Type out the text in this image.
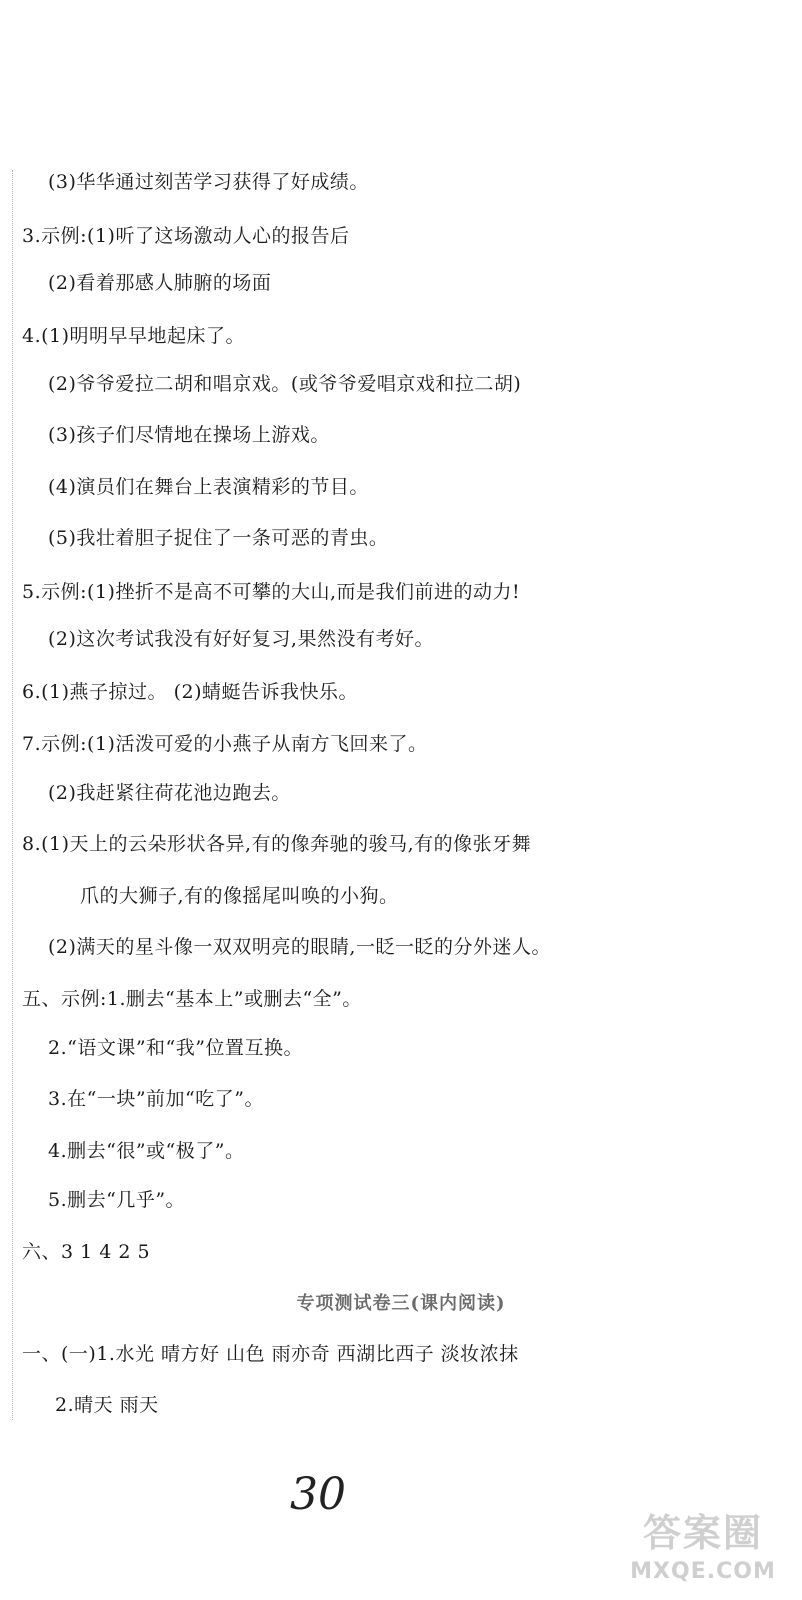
(3)华华通过刻苦学习获得了好成绩。
3.示例:(1)听了这场激动人心的报告后
(2)看着那感人肺腑的场面
4.(1)明明早早地起床了。
(2)爷爷爱拉二胡和唱京戏。(或爷爷爱唱京戏和拉二胡)
(3)孩子们尽情地在操场上游戏。
(4)演员们在舞台上表演精彩的节目。
(5)我壮着胆子捉住了一条可恶的青虫。
5.示例:(1)挫折不是高不可攀的大山,而是我们前进的动力!
(2)这次考试我没有好好复习,果然没有考好。
6.(1)燕子掠过。 (2)蜻蜓告诉我快乐。
7.示例:(1)活泼可爱的小燕子从南方飞回来了。
(2)我赶紧往荷花池边跑去。
8.(1)天上的云朵形状各异,有的像奔驰的骏马,有的像张牙舞
爪的大狮子,有的像摇尾叫唤的小狗。
(2)满天的星斗像一双双明亮的眼睛,一眨一眨的分外迷人。
五、示例:1.删去“基本上”或删去“全”。
2.“语文课”和“我”位置互换。
3.在“一块”前加“吃了”。
4.删去“很”或“极了”。
5.删去“几乎”。
六、3 1 4 2 5
专项测试卷三(课内阅读)
一、(一)1.水光 晴方好 山色 雨亦奇 西湖比西子 淡妆浓抹
2.晴天 雨天
30
答案圈
MXQE.COM
